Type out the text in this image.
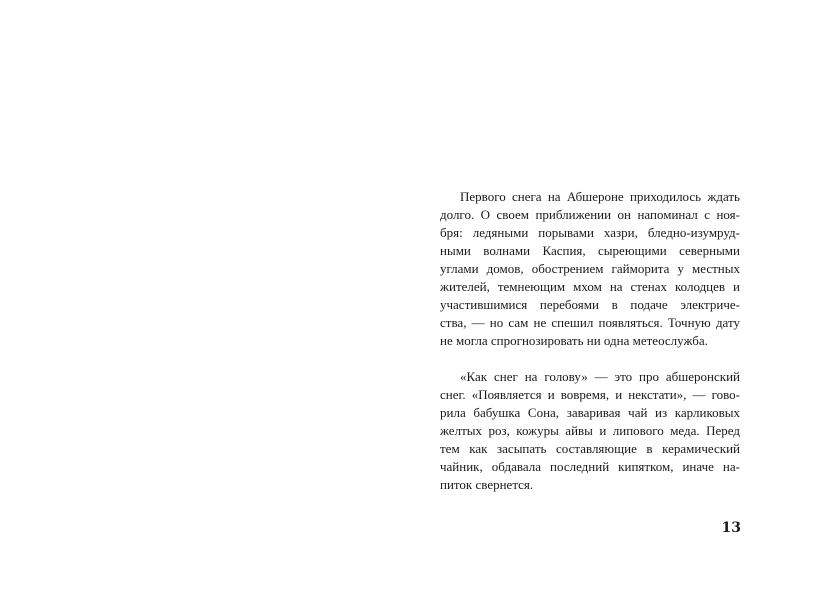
Первого снега на Абшероне приходилось ждать
долго. О своем приближении он напоминал с ноя-
бря: ледяными порывами хазри, бледно-изумруд-
ными волнами Каспия, сыреющими северными
углами домов, обострением гайморита у местных
жителей, темнеющим мхом на стенах колодцев и
участившимися перебоями в подаче электриче-
ства, — но сам не спешил появляться. Точную дату
не могла спрогнозировать ни одна метеослужба.
«Как снег на голову» — это про абшеронский
снег. «Появляется и вовремя, и некстати», — гово-
рила бабушка Сона, заваривая чай из карликовых
желтых роз, кожуры айвы и липового меда. Перед
тем как засыпать составляющие в керамический
чайник, обдавала последний кипятком, иначе на-
питок свернется.
13
